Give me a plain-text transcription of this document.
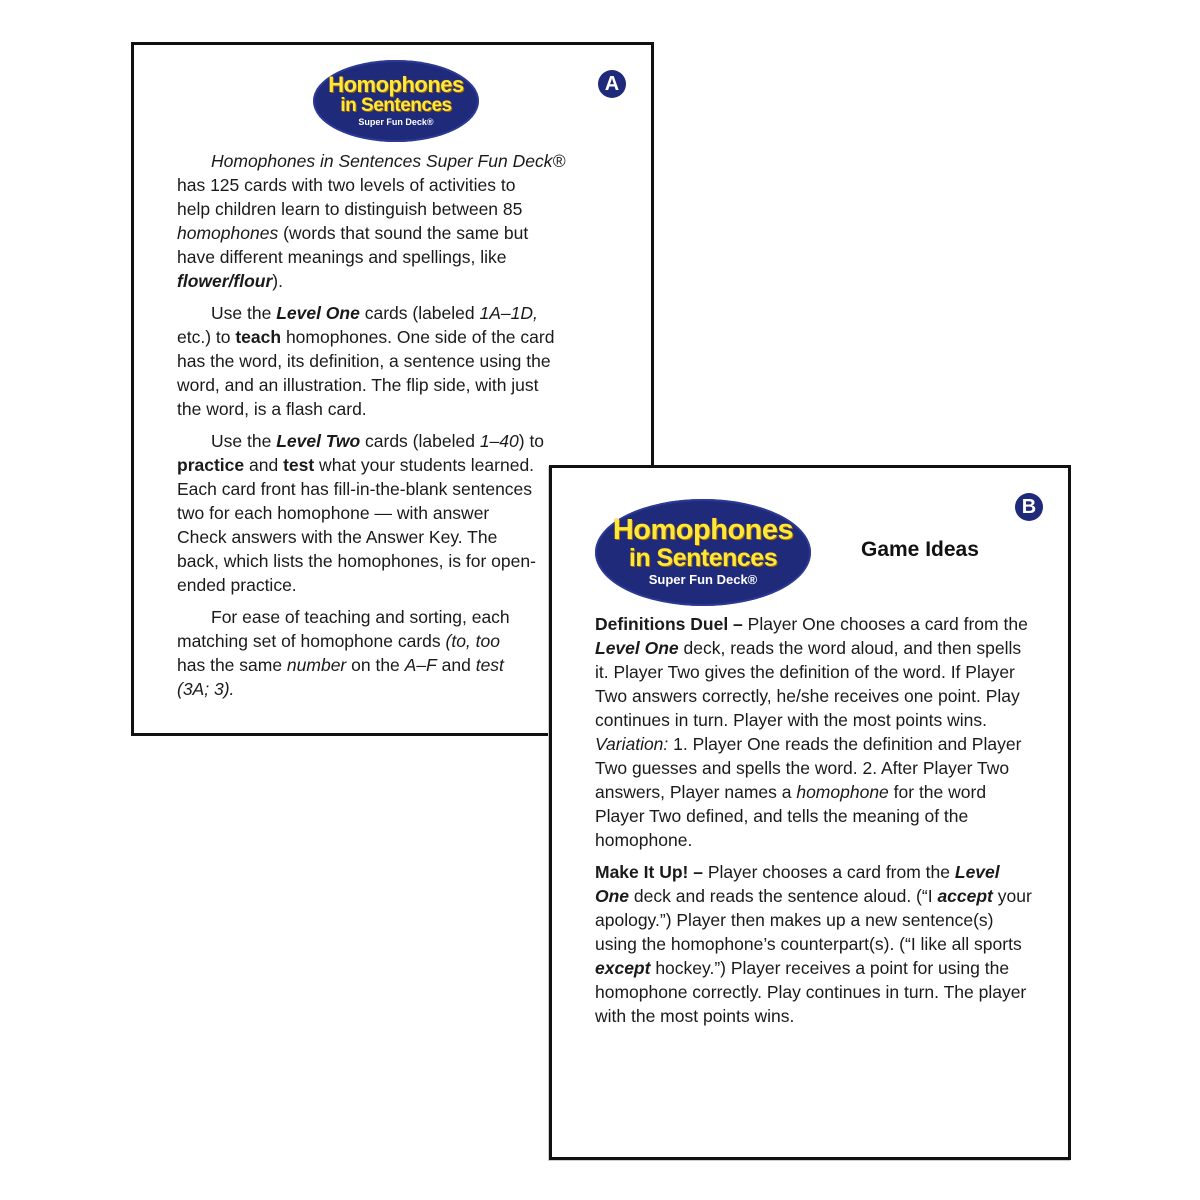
Homophones
in Sentences
Super Fun Deck®
A
Homophones in Sentences Super Fun Deck®
has 125 cards with two levels of activities to
help children learn to distinguish between 85
homophones (words that sound the same but
have different meanings and spellings, like
flower/flour).
Use the Level One cards (labeled 1A–1D,
etc.) to teach homophones. One side of the card
has the word, its definition, a sentence using the
word, and an illustration. The flip side, with just
the word, is a flash card.
Use the Level Two cards (labeled 1–40) to
practice and test what your students learned.
Each card front has fill-in-the-blank sentences
two for each homophone — with answer
Check answers with the Answer Key. The
back, which lists the homophones, is for open-
ended practice.
For ease of teaching and sorting, each
matching set of homophone cards (to, too
has the same number on the A–F and test
(3A; 3).
Homophones
in Sentences
Super Fun Deck®
Game Ideas
B
Definitions Duel – Player One chooses a card from the Level One deck, reads the word aloud, and then spells it. Player Two gives the definition of the word. If Player Two answers correctly, he/she receives one point. Play continues in turn. Player with the most points wins. Variation: 1. Player One reads the definition and Player Two guesses and spells the word. 2. After Player Two answers, Player names a homophone for the word Player Two defined, and tells the meaning of the homophone.
Make It Up! – Player chooses a card from the Level One deck and reads the sentence aloud. (“I accept your apology.”) Player then makes up a new sentence(s) using the homophone’s counterpart(s). (“I like all sports except hockey.”) Player receives a point for using the homophone correctly. Play continues in turn. The player with the most points wins.
